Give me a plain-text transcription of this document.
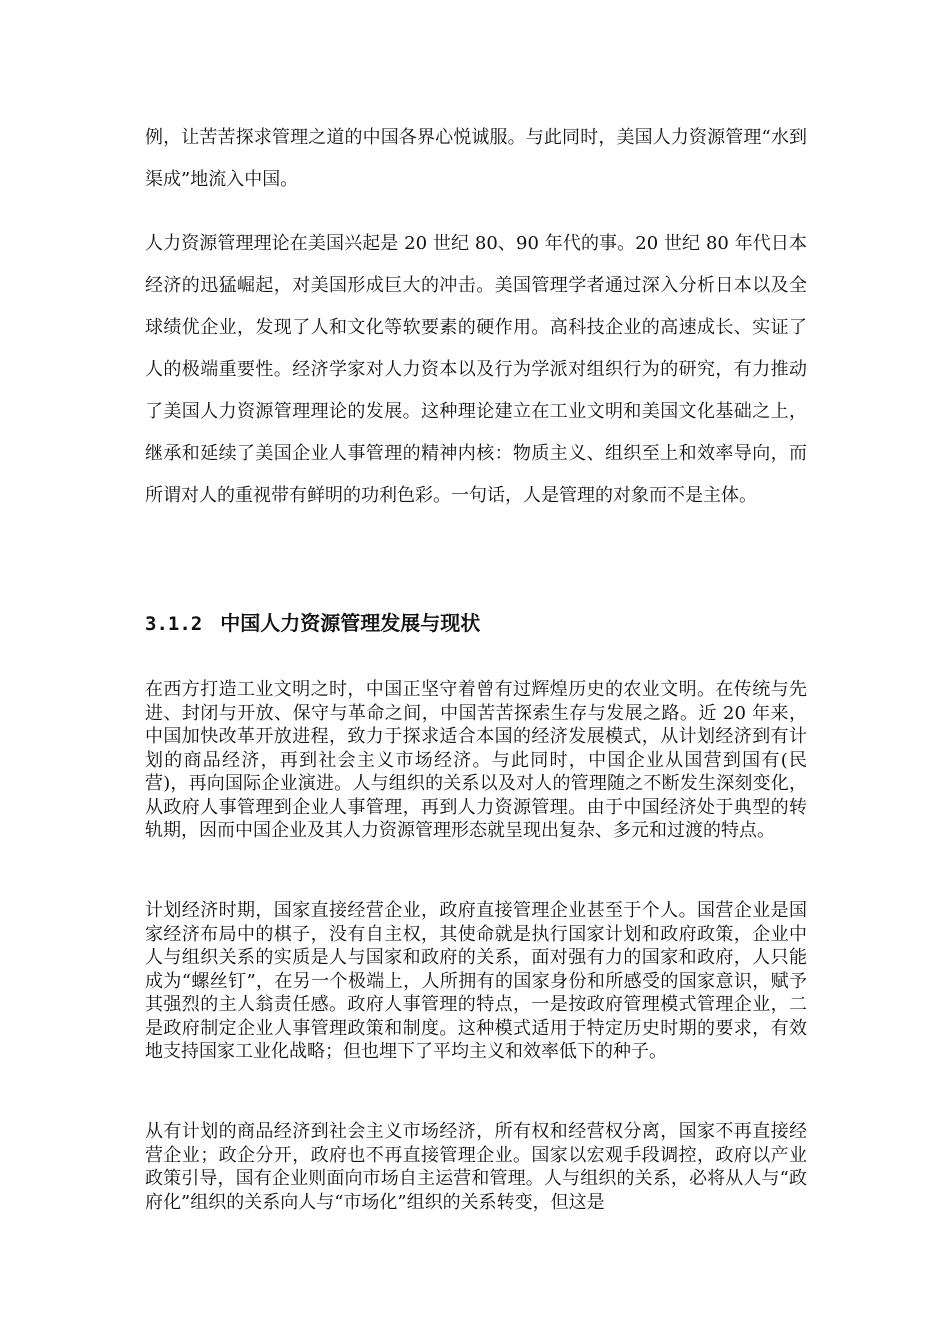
例，让苦苦探求管理之道的中国各界心悦诚服。与此同时，美国人力资源管理“水到渠成”地流入中国。

人力资源管理理论在美国兴起是 20 世纪 80、90 年代的事。20 世纪 80 年代日本经济的迅猛崛起，对美国形成巨大的冲击。美国管理学者通过深入分析日本以及全球绩优企业，发现了人和文化等软要素的硬作用。高科技企业的高速成长、实证了人的极端重要性。经济学家对人力资本以及行为学派对组织行为的研究，有力推动了美国人力资源管理理论的发展。这种理论建立在工业文明和美国文化基础之上，继承和延续了美国企业人事管理的精神内核：物质主义、组织至上和效率导向，而所谓对人的重视带有鲜明的功利色彩。一句话，人是管理的对象而不是主体。

3.1.2 中国人力资源管理发展与现状

在西方打造工业文明之时，中国正坚守着曾有过辉煌历史的农业文明。在传统与先进、封闭与开放、保守与革命之间，中国苦苦探索生存与发展之路。近 20 年来，中国加快改革开放进程，致力于探求适合本国的经济发展模式，从计划经济到有计划的商品经济，再到社会主义市场经济。与此同时，中国企业从国营到国有(民营)，再向国际企业演进。人与组织的关系以及对人的管理随之不断发生深刻变化，从政府人事管理到企业人事管理，再到人力资源管理。由于中国经济处于典型的转轨期，因而中国企业及其人力资源管理形态就呈现出复杂、多元和过渡的特点。

计划经济时期，国家直接经营企业，政府直接管理企业甚至于个人。国营企业是国家经济布局中的棋子，没有自主权，其使命就是执行国家计划和政府政策，企业中人与组织关系的实质是人与国家和政府的关系，面对强有力的国家和政府，人只能成为“螺丝钉”，在另一个极端上，人所拥有的国家身份和所感受的国家意识，赋予其强烈的主人翁责任感。政府人事管理的特点，一是按政府管理模式管理企业，二是政府制定企业人事管理政策和制度。这种模式适用于特定历史时期的要求，有效地支持国家工业化战略；但也埋下了平均主义和效率低下的种子。

从有计划的商品经济到社会主义市场经济，所有权和经营权分离，国家不再直接经营企业；政企分开，政府也不再直接管理企业。国家以宏观手段调控，政府以产业政策引导，国有企业则面向市场自主运营和管理。人与组织的关系，必将从人与“政府化”组织的关系向人与“市场化”组织的关系转变，但这是
